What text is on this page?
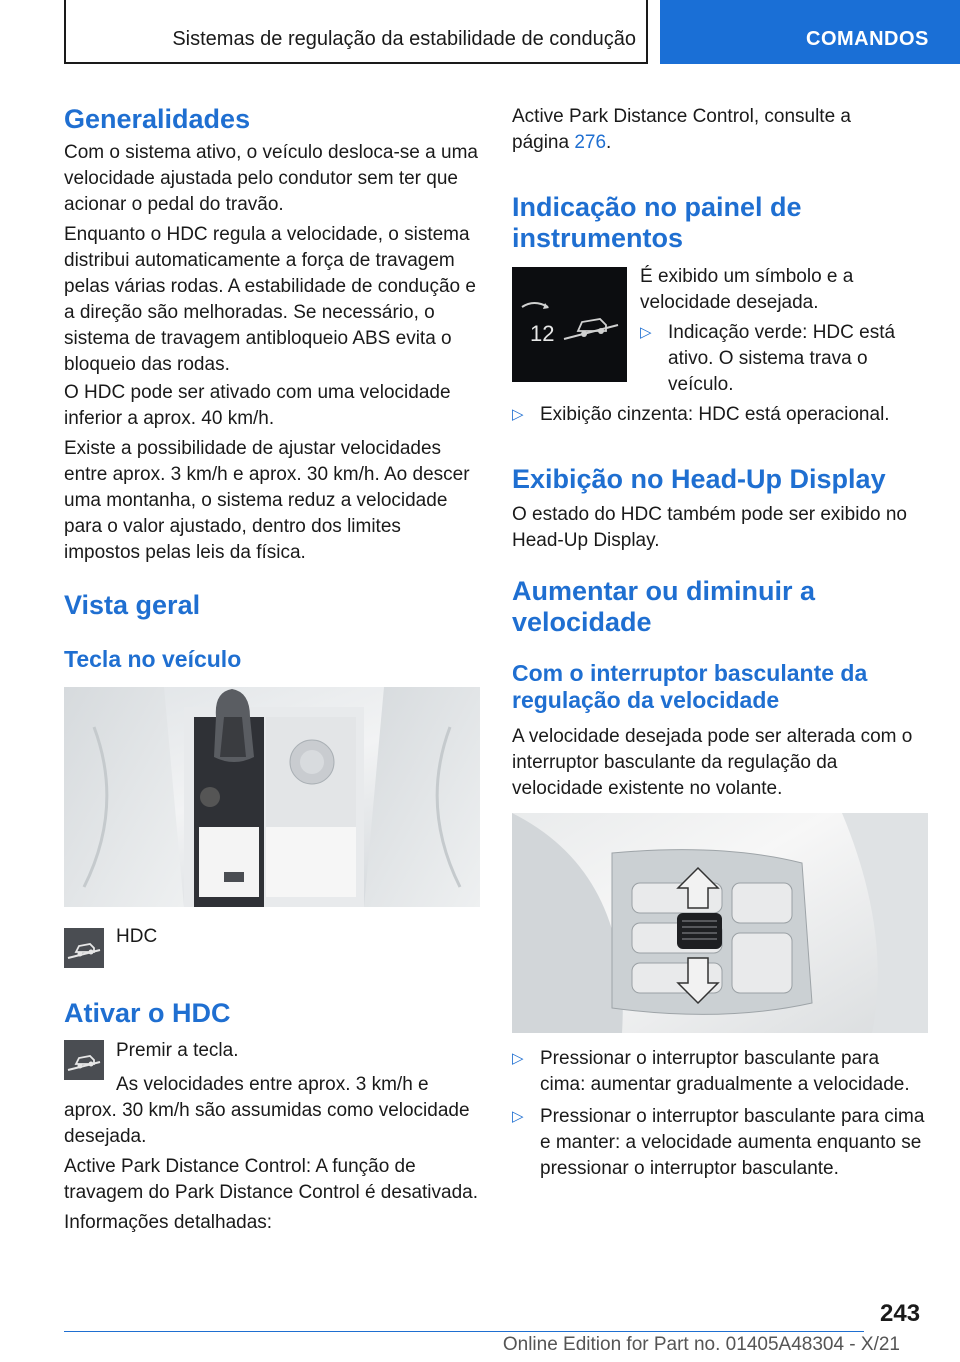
Sistemas de regulação da estabilidade de condução	COMANDOS
Generalidades

Com o sistema ativo, o veículo desloca-se a uma velocidade ajustada pelo condutor sem ter que acionar o pedal do travão.

Enquanto o HDC regula a velocidade, o sistema distribui automaticamente a força de travagem pelas várias rodas. A estabilidade de condução e a direção são melhoradas. Se necessário, o sistema de travagem antibloqueio ABS evita o bloqueio das rodas.

O HDC pode ser ativado com uma velocidade inferior a aprox. 40 km/h.

Existe a possibilidade de ajustar velocidades entre aprox. 3 km/h e aprox. 30 km/h. Ao descer uma montanha, o sistema reduz a velocidade para o valor ajustado, dentro dos limites impostos pelas leis da física.

Vista geral
Tecla no veículo
HDC
Ativar o HDC
Premir a tecla.

As velocidades entre aprox. 3 km/h e aprox. 30 km/h são assumidas como velocidade desejada.

Active Park Distance Control: A função de travagem do Park Distance Control é desativada.

Informações detalhadas:

Active Park Distance Control, consulte a página 276.

Indicação no painel de instrumentos
12

É exibido um símbolo e a velocidade desejada.

▷ Indicação verde: HDC está ativo. O sistema trava o veículo.
▷ Exibição cinzenta: HDC está operacional.
Exibição no Head-Up Display

O estado do HDC também pode ser exibido no Head-Up Display.

Aumentar ou diminuir a velocidade
Com o interruptor basculante da regulação da velocidade

A velocidade desejada pode ser alterada com o interruptor basculante da regulação da velocidade existente no volante.

▷ Pressionar o interruptor basculante para cima: aumentar gradualmente a velocidade.
▷ Pressionar o interruptor basculante para cima e manter: a velocidade aumenta enquanto se pressionar o interruptor basculante.
243
Online Edition for Part no. 01405A48304 - X/21
